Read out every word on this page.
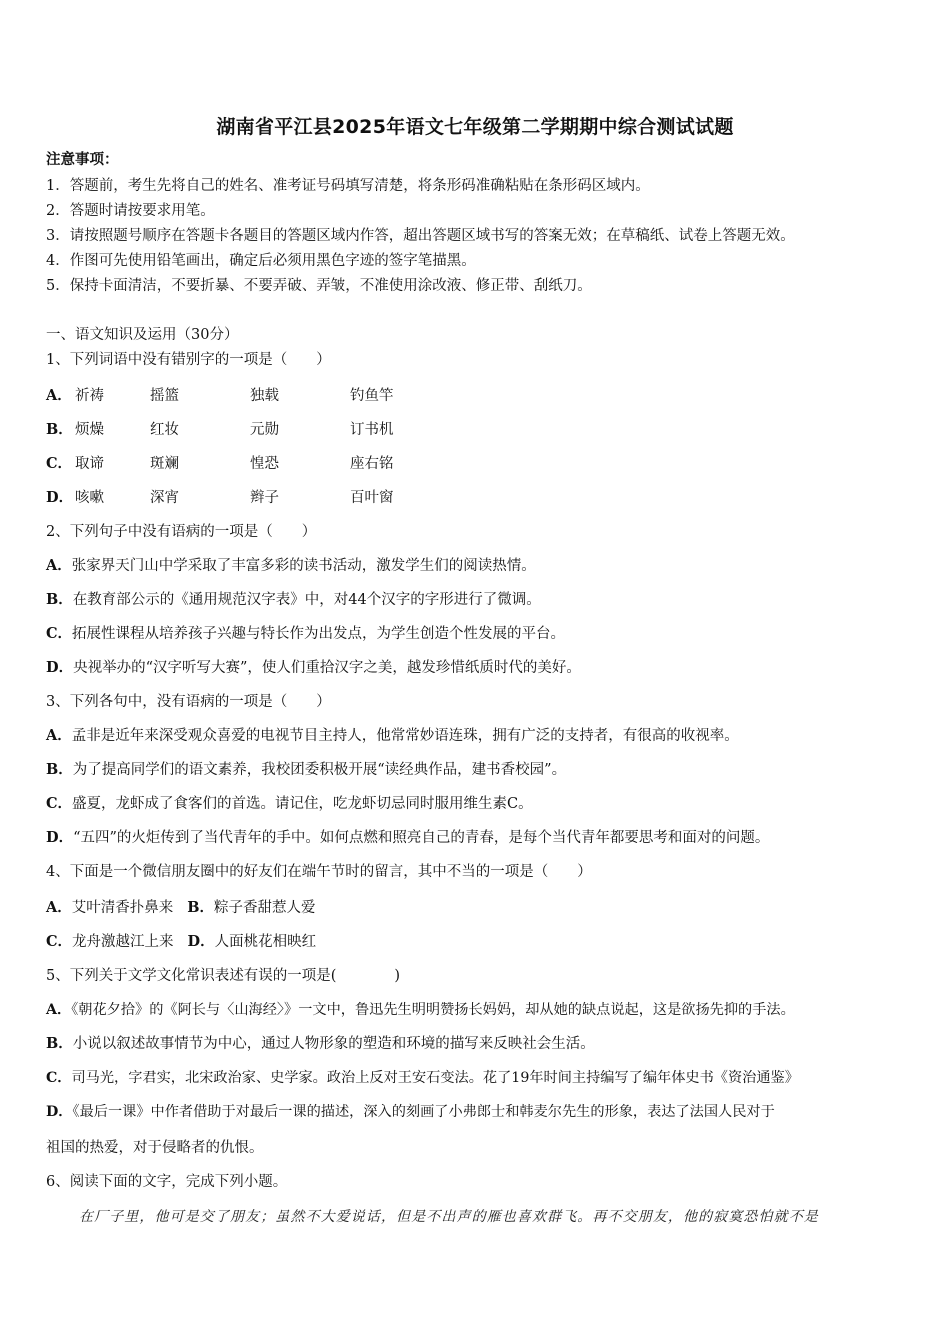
湖南省平江县2025年语文七年级第二学期期中综合测试试题
注意事项：
1．答题前，考生先将自己的姓名、准考证号码填写清楚，将条形码准确粘贴在条形码区域内。
2．答题时请按要求用笔。
3．请按照题号顺序在答题卡各题目的答题区域内作答，超出答题区域书写的答案无效；在草稿纸、试卷上答题无效。
4．作图可先使用铅笔画出，确定后必须用黑色字迹的签字笔描黑。
5．保持卡面清洁，不要折暴、不要弄破、弄皱，不准使用涂改液、修正带、刮纸刀。
一、语文知识及运用（30分）
1、下列词语中没有错别字的一项是（　　）
A． 祈祷	摇篮	独载	钓鱼竿
B． 烦燥	红妆	元勋	订书机
C． 取谛	斑斓	惶恐	座右铭
D． 咳嗽	深宵	辫子	百叶窗
2、下列句子中没有语病的一项是（　　）
A．张家界天门山中学采取了丰富多彩的读书活动，激发学生们的阅读热情。
B．在教育部公示的《通用规范汉字表》中，对44个汉字的字形进行了微调。
C．拓展性课程从培养孩子兴趣与特长作为出发点，为学生创造个性发展的平台。
D．央视举办的“汉字听写大赛”，使人们重拾汉字之美，越发珍惜纸质时代的美好。
3、下列各句中，没有语病的一项是（　　）
A．孟非是近年来深受观众喜爱的电视节目主持人，他常常妙语连珠，拥有广泛的支持者，有很高的收视率。
B．为了提高同学们的语文素养，我校团委积极开展“读经典作品，建书香校园”。
C．盛夏，龙虾成了食客们的首选。请记住，吃龙虾切忌同时服用维生素C。
D．“五四”的火炬传到了当代青年的手中。如何点燃和照亮自己的青春，是每个当代青年都要思考和面对的问题。
4、下面是一个微信朋友圈中的好友们在端午节时的留言，其中不当的一项是（　　）
A．艾叶清香扑鼻来 B．粽子香甜惹人爱
C．龙舟激越江上来 D．人面桃花相映红
5、下列关于文学文化常识表述有误的一项是(　　　　)
A．《朝花夕拾》的《阿长与〈山海经〉》一文中，鲁迅先生明明赞扬长妈妈，却从她的缺点说起，这是欲扬先抑的手法。
B．小说以叙述故事情节为中心，通过人物形象的塑造和环境的描写来反映社会生活。
C．司马光，字君实，北宋政治家、史学家。政治上反对王安石变法。花了19年时间主持编写了编年体史书《资治通鉴》
D．《最后一课》中作者借助于对最后一课的描述，深入的刻画了小弗郎士和韩麦尔先生的形象，表达了法国人民对于
祖国的热爱，对于侵略者的仇恨。
6、阅读下面的文字，完成下列小题。
在厂子里，他可是交了朋友；虽然不大爱说话，但是不出声的雁也喜欢群飞。再不交朋友，他的寂寞恐怕就不是
